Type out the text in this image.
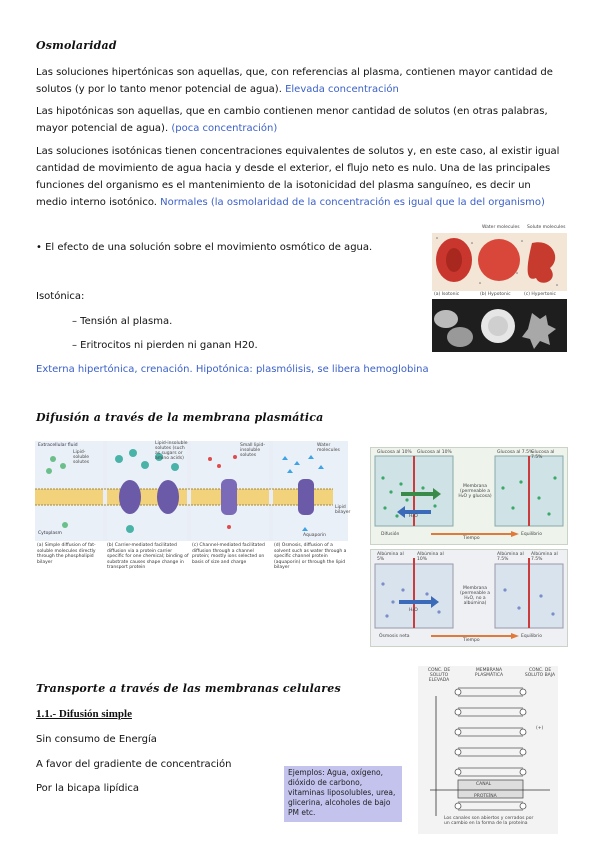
Osmolaridad
Las soluciones hipertónicas son aquellas, que, con referencias al plasma, contienen mayor cantidad de solutos (y por lo tanto menor potencial de agua). Elevada concentración
Las hipotónicas son aquellas, que en cambio contienen menor cantidad de solutos (en otras palabras, mayor potencial de agua). (poca concentración)
Las soluciones isotónicas tienen concentraciones equivalentes de solutos y, en este caso, al existir igual cantidad de movimiento de agua hacia y desde el exterior, el flujo neto es nulo. Una de las principales funciones del organismo es el mantenimiento de la isotonicidad del plasma sanguíneo, es decir un medio interno isotónico. Normales (la osmolaridad de la concentración es igual que la del organismo)
• El efecto de una solución sobre el movimiento osmótico de agua.
Isotónica:
– Tensión al plasma.
– Eritrocitos ni pierden ni ganan H20.
Externa hipertónica, crenación. Hipotónica: plasmólisis, se libera hemoglobina
Water molecules Solute molecules
(a) Isotonic	(b) Hypotonic	(c) Hypertonic
Difusión a través de la membrana plasmática
Extracellular fluid
Cytoplasm
Lipid bilayer
Aquaporin
Lipid-soluble solutes
Lipid-insoluble solutes (such as sugars or amino acids)
Small lipid-insoluble solutes
Water molecules
(a) Simple diffusion of fat-soluble molecules directly through the phospholipid bilayer
(b) Carrier-mediated facilitated diffusion via a protein carrier specific for one chemical; binding of substrate causes shape change in transport protein
(c) Channel-mediated facilitated diffusion through a channel protein; mostly ions selected on basis of size and charge
(d) Osmosis, diffusion of a solvent such as water through a specific channel protein (aquaporin) or through the lipid bilayer
Glucosa al 10% Glucosa al 10%
Membrana (permeable a H₂O y glucosa)
Glucosa al 7.5%
Glucosa al 7.5%
H₂O
Difusión
Tiempo
Equilibrio
Albúmina al 5%
Albúmina al 10%
Membrana (permeable a H₂O, no a albúmina)
Albúmina al 7.5%
Albúmina al 7.5%
H₂O
Ósmosis neta
Tiempo
Equilibrio
Transporte a través de las membranas celulares
1.1.- Difusión simple
Sin consumo de Energía
A favor del gradiente de concentración
Por la bicapa lipídica
Ejemplos: Agua, oxígeno, dióxido de carbono, vitaminas liposolubles, urea, glicerina, alcoholes de bajo PM etc.
CONC. DE SOLUTO ELEVADA
MEMBRANA PLASMÁTICA
CONC. DE SOLUTO BAJA
CANAL
PROTEÍNA
(+)
Los canales son abiertos y cerrados por un cambio en la forma de la proteína
